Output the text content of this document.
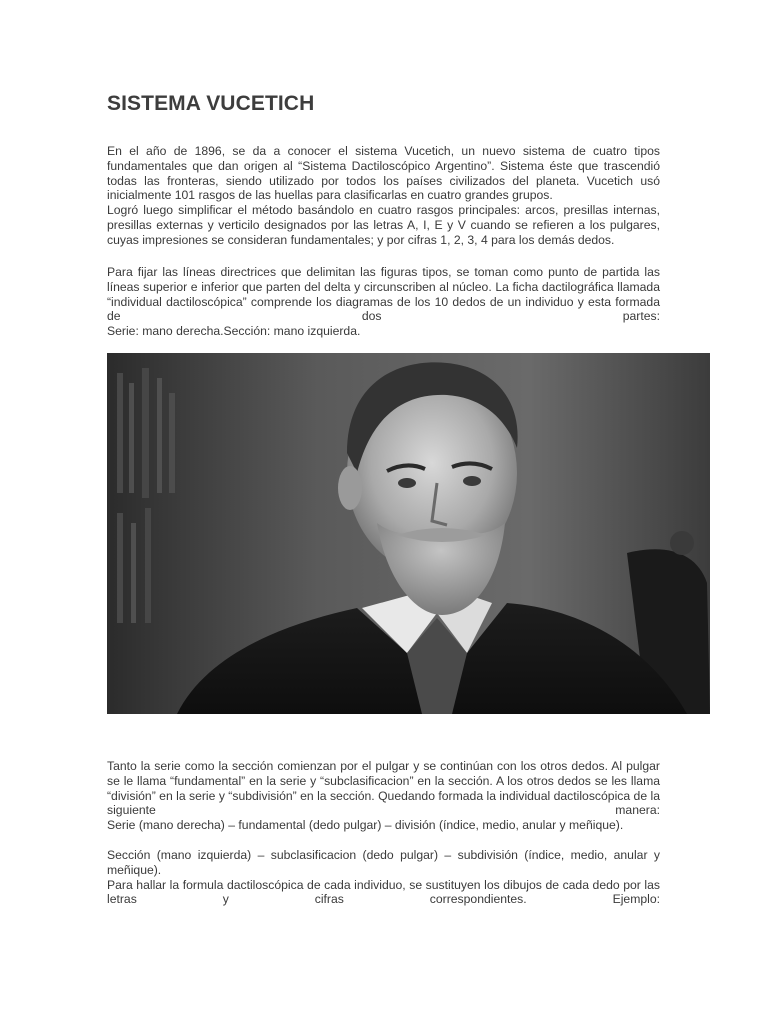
SISTEMA VUCETICH
En el año de 1896, se da a conocer el sistema Vucetich, un nuevo sistema de cuatro tipos fundamentales que dan origen al “Sistema Dactiloscópico Argentino”. Sistema éste que trascendió todas las fronteras, siendo utilizado por todos los países civilizados del planeta. Vucetich usó inicialmente 101 rasgos de las huellas para clasificarlas en cuatro grandes grupos.
Logró luego simplificar el método basándolo en cuatro rasgos principales: arcos, presillas internas, presillas externas y verticilo designados por las letras A, I, E y V cuando se refieren a los pulgares, cuyas impresiones se consideran fundamentales; y por cifras 1, 2, 3, 4 para los demás dedos.
Para fijar las líneas directrices que delimitan las figuras tipos, se toman como punto de partida las líneas superior e inferior que parten del delta y circunscriben al núcleo. La ficha dactilográfica llamada “individual dactiloscópica” comprende los diagramas de los 10 dedos de un individuo y esta formada de dos partes:
Serie: mano derecha.Sección: mano izquierda.
Tanto la serie como la sección comienzan por el pulgar y se continúan con los otros dedos. Al pulgar se le llama “fundamental” en la serie y “subclasificacion” en la sección. A los otros dedos se les llama “división” en la serie y “subdivisión” en la sección. Quedando formada la individual dactiloscópica de la siguiente manera:
Serie (mano derecha) – fundamental (dedo pulgar) – división (índice, medio, anular y meñique).
Sección (mano izquierda) – subclasificacion (dedo pulgar) – subdivisión (índice, medio, anular y meñique).
Para hallar la formula dactiloscópica de cada individuo, se sustituyen los dibujos de cada dedo por las letras y cifras correspondientes. Ejemplo:
